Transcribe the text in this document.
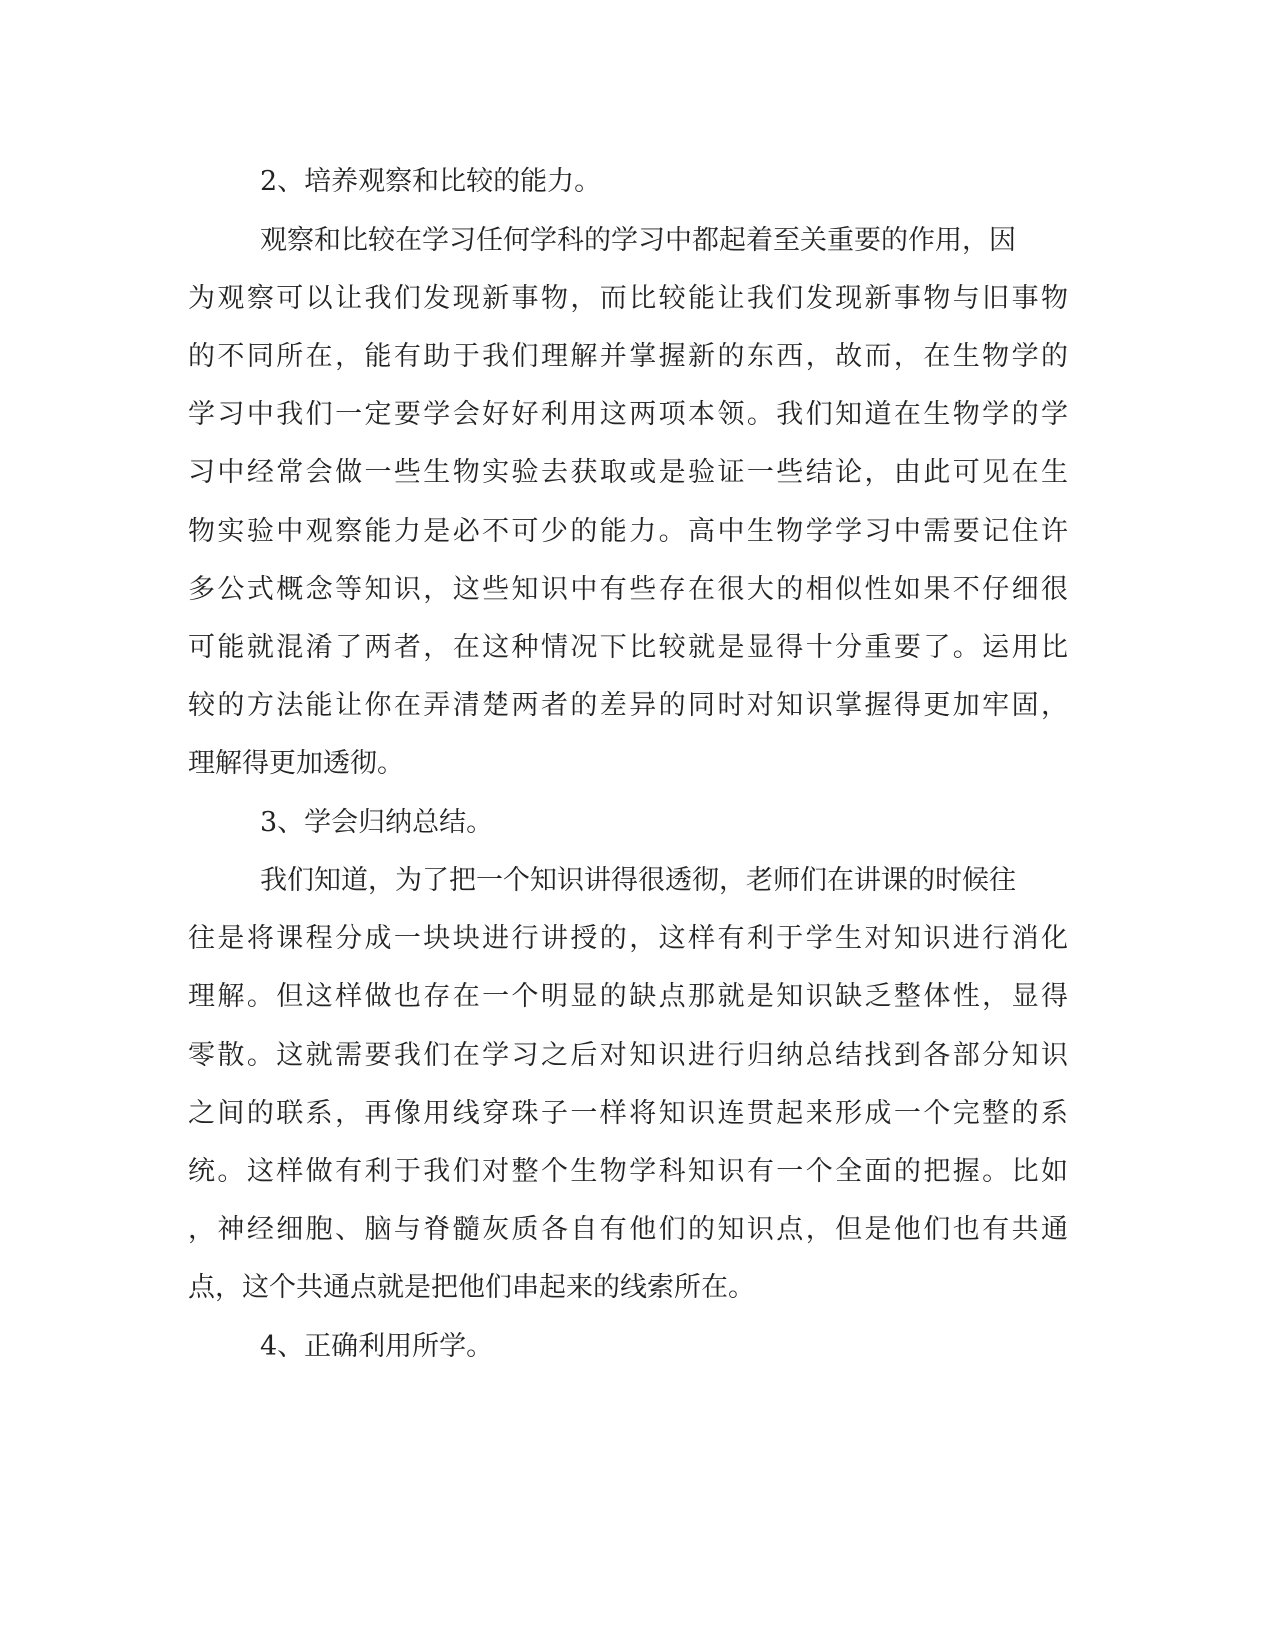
2、培养观察和比较的能力。
观察和比较在学习任何学科的学习中都起着至关重要的作用，因
为观察可以让我们发现新事物，而比较能让我们发现新事物与旧事物
的不同所在，能有助于我们理解并掌握新的东西，故而，在生物学的
学习中我们一定要学会好好利用这两项本领。我们知道在生物学的学
习中经常会做一些生物实验去获取或是验证一些结论，由此可见在生
物实验中观察能力是必不可少的能力。高中生物学学习中需要记住许
多公式概念等知识，这些知识中有些存在很大的相似性如果不仔细很
可能就混淆了两者，在这种情况下比较就是显得十分重要了。运用比
较的方法能让你在弄清楚两者的差异的同时对知识掌握得更加牢固，
理解得更加透彻。
3、学会归纳总结。
我们知道，为了把一个知识讲得很透彻，老师们在讲课的时候往
往是将课程分成一块块进行讲授的，这样有利于学生对知识进行消化
理解。但这样做也存在一个明显的缺点那就是知识缺乏整体性，显得
零散。这就需要我们在学习之后对知识进行归纳总结找到各部分知识
之间的联系，再像用线穿珠子一样将知识连贯起来形成一个完整的系
统。这样做有利于我们对整个生物学科知识有一个全面的把握。比如
，神经细胞、脑与脊髓灰质各自有他们的知识点，但是他们也有共通
点，这个共通点就是把他们串起来的线索所在。
4、正确利用所学。
